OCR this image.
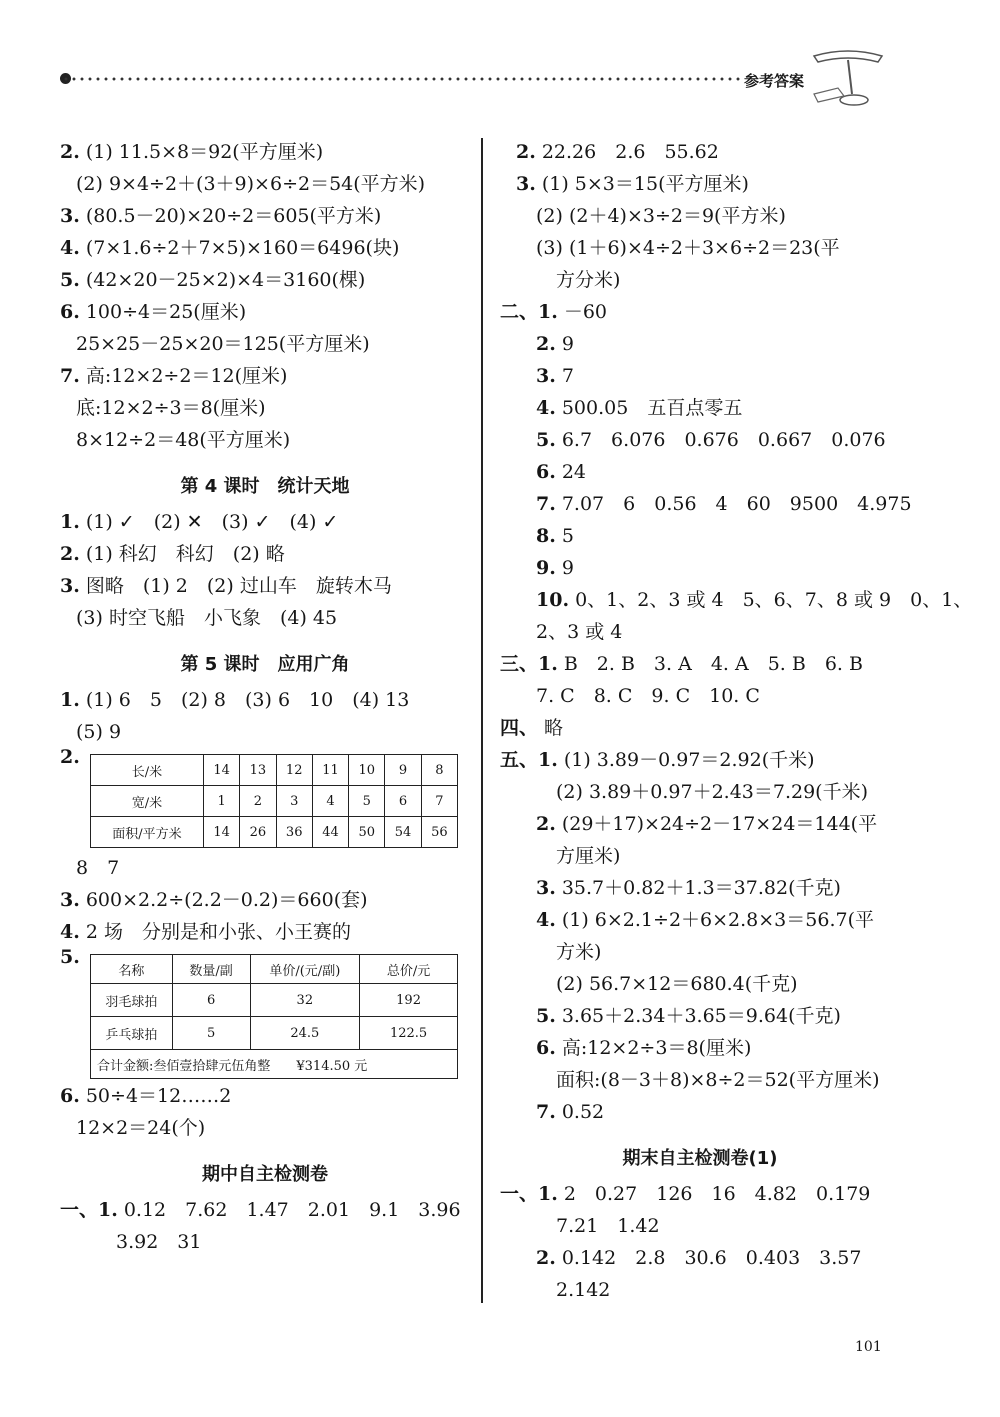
参考答案
2. (1) 11.5×8＝92(平方厘米)
(2) 9×4÷2＋(3＋9)×6÷2＝54(平方米)
3. (80.5－20)×20÷2＝605(平方米)
4. (7×1.6÷2＋7×5)×160＝6496(块)
5. (42×20－25×2)×4＝3160(棵)
6. 100÷4＝25(厘米)
25×25－25×20＝125(平方厘米)
7. 高:12×2÷2＝12(厘米)
底:12×2÷3＝8(厘米)
8×12÷2＝48(平方厘米)
第 4 课时　统计天地
1. (1) ✓　(2) ✕　(3) ✓　(4) ✓
2. (1) 科幻　科幻　(2) 略
3. 图略　(1) 2　(2) 过山车　旋转木马
(3) 时空飞船　小飞象　(4) 45
第 5 课时　应用广角
1. (1) 6　5　(2) 8　(3) 6　10　(4) 13
(5) 9
2.
长/米	14	13	12	11	10	9	8
宽/米	1	2	3	4	5	6	7
面积/平方米	14	26	36	44	50	54	56
8　7
3. 600×2.2÷(2.2－0.2)＝660(套)
4. 2 场　分别是和小张、小王赛的
5.
名称	数量/副	单价/(元/副)	总价/元
羽毛球拍	6	32	192
乒乓球拍	5	24.5	122.5
合计金额:叁佰壹拾肆元伍角整 ¥314.50 元			
6. 50÷4＝12……2
12×2＝24(个)
期中自主检测卷
一、1. 0.12　7.62　1.47　2.01　9.1　3.96
3.92　31
2. 22.26　2.6　55.62
3. (1) 5×3＝15(平方厘米)
(2) (2＋4)×3÷2＝9(平方米)
(3) (1＋6)×4÷2＋3×6÷2＝23(平
方分米)
二、1. －60
2. 9
3. 7
4. 500.05　五百点零五
5. 6.7　6.076　0.676　0.667　0.076
6. 24
7. 7.07　6　0.56　4　60　9500　4.975
8. 5
9. 9
10. 0、1、2、3 或 4　5、6、7、8 或 9　0、1、
2、3 或 4
三、1. B　2. B　3. A　4. A　5. B　6. B
7. C　8. C　9. C　10. C
四、 略
五、1. (1) 3.89－0.97＝2.92(千米)
(2) 3.89＋0.97＋2.43＝7.29(千米)
2. (29＋17)×24÷2－17×24＝144(平
方厘米)
3. 35.7＋0.82＋1.3＝37.82(千克)
4. (1) 6×2.1÷2＋6×2.8×3＝56.7(平
方米)
(2) 56.7×12＝680.4(千克)
5. 3.65＋2.34＋3.65＝9.64(千克)
6. 高:12×2÷3＝8(厘米)
面积:(8－3＋8)×8÷2＝52(平方厘米)
7. 0.52
期末自主检测卷(1)
一、1. 2　0.27　126　16　4.82　0.179
7.21　1.42
2. 0.142　2.8　30.6　0.403　3.57
2.142
101
